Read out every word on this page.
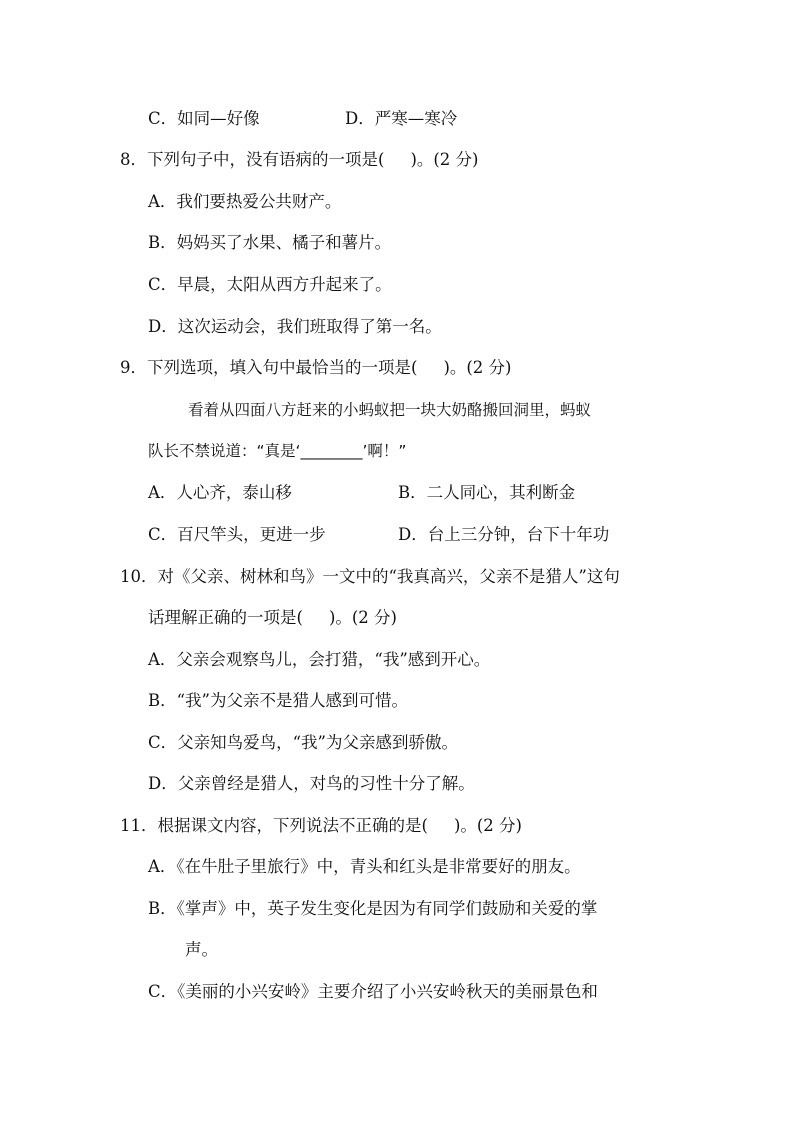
C．如同—好像	D．严寒—寒冷
8．下列句子中，没有语病的一项是( )。(2 分)
A．我们要热爱公共财产。
B．妈妈买了水果、橘子和薯片。
C．早晨，太阳从西方升起来了。
D．这次运动会，我们班取得了第一名。
9．下列选项，填入句中最恰当的一项是( )。(2 分)
看着从四面八方赶来的小蚂蚁把一块大奶酪搬回洞里，蚂蚁
队长不禁说道：“真是‘________’啊！”
A．人心齐，泰山移	B．二人同心，其利断金
C．百尺竿头，更进一步	D．台上三分钟，台下十年功
10．对《父亲、树林和鸟》一文中的“我真高兴，父亲不是猎人”这句
话理解正确的一项是( )。(2 分)
A．父亲会观察鸟儿，会打猎，“我”感到开心。
B．“我”为父亲不是猎人感到可惜。
C．父亲知鸟爱鸟，“我”为父亲感到骄傲。
D．父亲曾经是猎人，对鸟的习性十分了解。
11．根据课文内容，下列说法不正确的是( )。(2 分)
A．《在牛肚子里旅行》中，青头和红头是非常要好的朋友。
B．《掌声》中，英子发生变化是因为有同学们鼓励和关爱的掌
声。
C．《美丽的小兴安岭》主要介绍了小兴安岭秋天的美丽景色和
